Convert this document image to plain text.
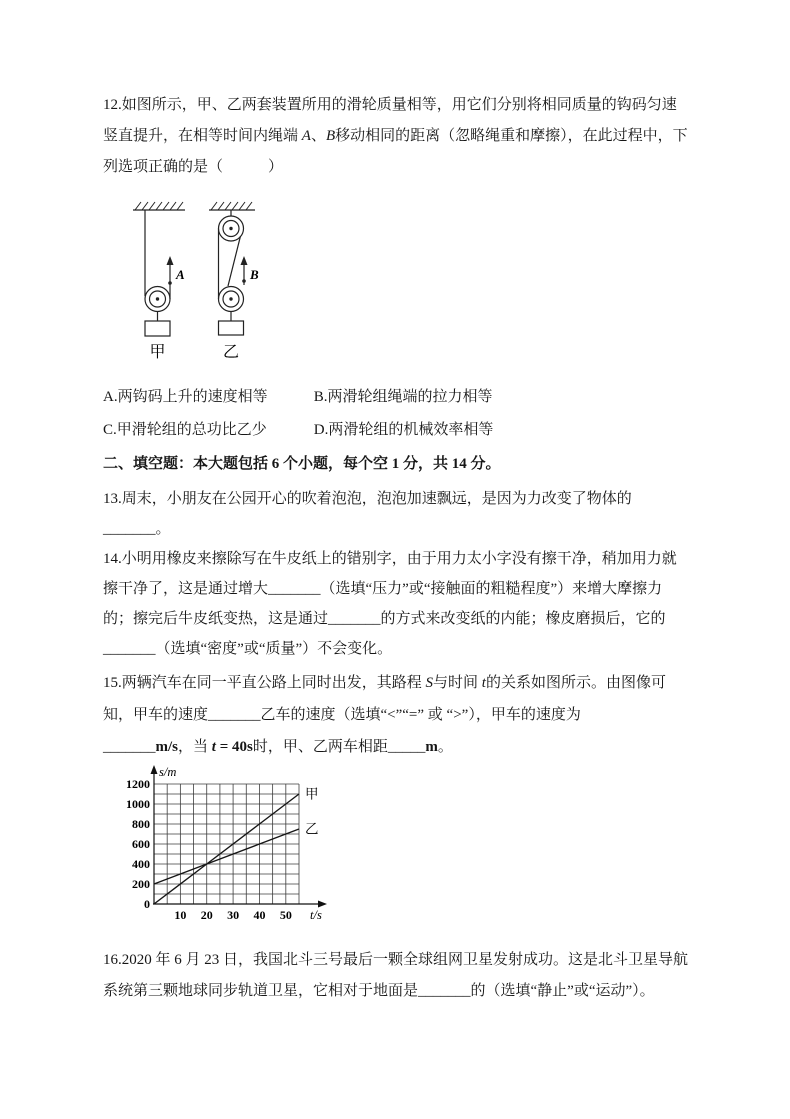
12.如图所示，甲、乙两套装置所用的滑轮质量相等，用它们分别将相同质量的钩码匀速
竖直提升，在相等时间内绳端 A、B移动相同的距离（忽略绳重和摩擦），在此过程中，下
列选项正确的是（　　　）
A
甲
B
乙
A.两钩码上升的速度相等	B.两滑轮组绳端的拉力相等
C.甲滑轮组的总功比乙少	D.两滑轮组的机械效率相等
二、填空题：本大题包括 6 个小题，每个空 1 分，共 14 分。
13.周末，小朋友在公园开心的吹着泡泡，泡泡加速飘远，是因为力改变了物体的
_______。
14.小明用橡皮来擦除写在牛皮纸上的错别字，由于用力太小字没有擦干净，稍加用力就
擦干净了，这是通过增大_______（选填“压力”或“接触面的粗糙程度”）来增大摩擦力
的；擦完后牛皮纸变热，这是通过_______的方式来改变纸的内能；橡皮磨损后，它的
_______（选填“密度”或“质量”）不会变化。
15.两辆汽车在同一平直公路上同时出发，其路程 S与时间 t的关系如图所示。由图像可
知，甲车的速度_______乙车的速度（选填“<”“=” 或 “>”），甲车的速度为
_______m/s，当 t = 40s时，甲、乙两车相距_____m。
0
200
400
600
800
1000
1200
10 20 30 40 50
s/m
t/s
甲
乙
16.2020 年 6 月 23 日，我国北斗三号最后一颗全球组网卫星发射成功。这是北斗卫星导航
系统第三颗地球同步轨道卫星，它相对于地面是_______的（选填“静止”或“运动”）。
